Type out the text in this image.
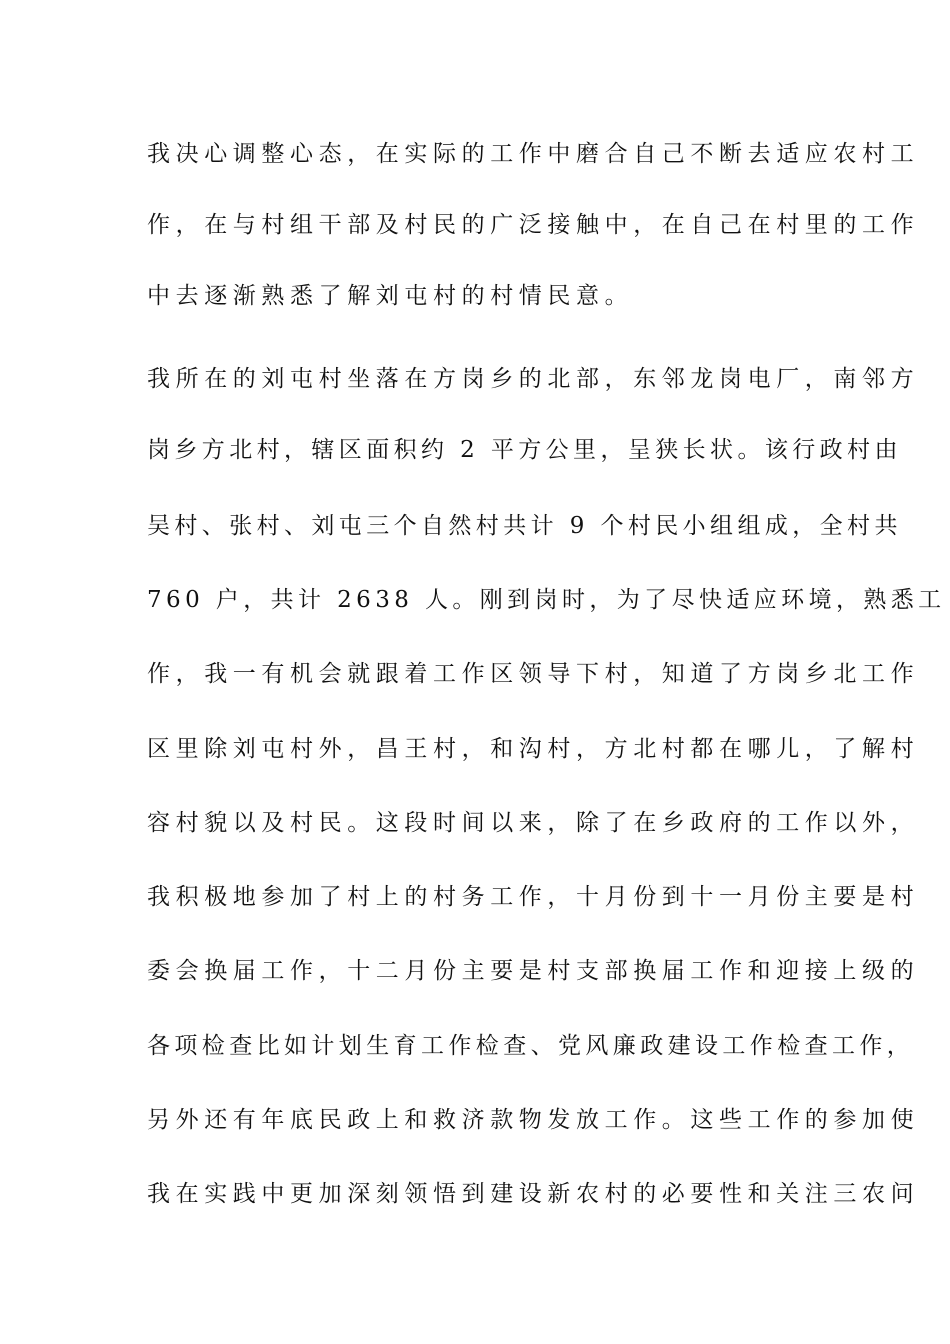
我决心调整心态，在实际的工作中磨合自己不断去适应农村工
作，在与村组干部及村民的广泛接触中，在自己在村里的工作
中去逐渐熟悉了解刘屯村的村情民意。
我所在的刘屯村坐落在方岗乡的北部，东邻龙岗电厂，南邻方
岗乡方北村，辖区面积约 2 平方公里，呈狭长状。该行政村由
吴村、张村、刘屯三个自然村共计 9 个村民小组组成，全村共
760 户，共计 2638 人。刚到岗时，为了尽快适应环境，熟悉工
作，我一有机会就跟着工作区领导下村，知道了方岗乡北工作
区里除刘屯村外，昌王村，和沟村，方北村都在哪儿，了解村
容村貌以及村民。这段时间以来，除了在乡政府的工作以外，
我积极地参加了村上的村务工作，十月份到十一月份主要是村
委会换届工作，十二月份主要是村支部换届工作和迎接上级的
各项检查比如计划生育工作检查、党风廉政建设工作检查工作，
另外还有年底民政上和救济款物发放工作。这些工作的参加使
我在实践中更加深刻领悟到建设新农村的必要性和关注三农问
